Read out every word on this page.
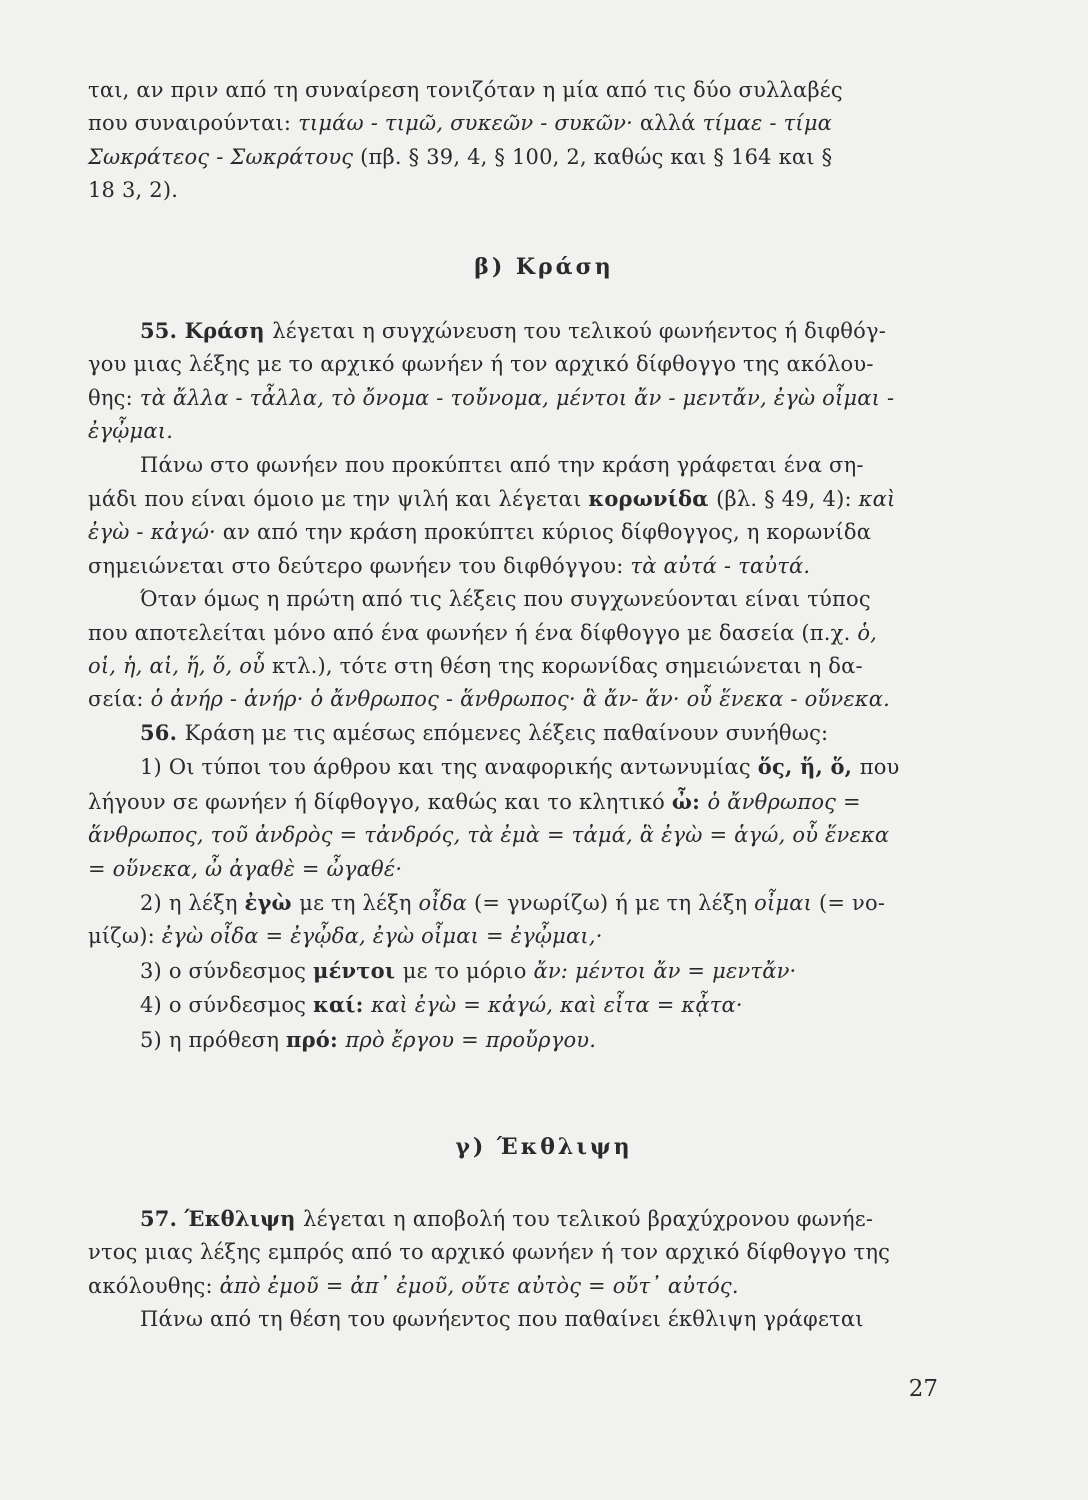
ται, αν πριν από τη συναίρεση τονιζόταν η μία από τις δύο συλλαβές
που συναιρούνται: τιμάω - τιμῶ, συκεῶν - συκῶν· αλλά τίμαε - τίμα
Σωκράτεος - Σωκράτους (πβ. § 39, 4, § 100, 2, καθώς και § 164 και §
18 3, 2).
β) Κράση
55. Κράση λέγεται η συγχώνευση του τελικού φωνήεντος ή διφθόγ-
γου μιας λέξης με το αρχικό φωνήεν ή τον αρχικό δίφθογγο της ακόλου-
θης: τὰ ἄλλα - τἆλλα, τὸ ὄνομα - τοὔνομα, μέντοι ἄν - μεντἄν, ἐγὼ οἶμαι -
ἐγᾦμαι.
Πάνω στο φωνήεν που προκύπτει από την κράση γράφεται ένα ση-
μάδι που είναι όμοιο με την ψιλή και λέγεται κορωνίδα (βλ. § 49, 4): καὶ
ἐγὼ - κἀγώ· αν από την κράση προκύπτει κύριος δίφθογγος, η κορωνίδα
σημειώνεται στο δεύτερο φωνήεν του διφθόγγου: τὰ αὐτά - ταὐτά.
Όταν όμως η πρώτη από τις λέξεις που συγχωνεύονται είναι τύπος
που αποτελείται μόνο από ένα φωνήεν ή ένα δίφθογγο με δασεία (π.χ. ὁ,
οἱ, ἡ, αἱ, ἥ, ὅ, οὗ κτλ.), τότε στη θέση της κορωνίδας σημειώνεται η δα-
σεία: ὁ ἀνήρ - ἁνήρ· ὁ ἄνθρωπος - ἅνθρωπος· ἃ ἄν- ἅν· οὗ ἕνεκα - οὕνεκα.
56. Κράση με τις αμέσως επόμενες λέξεις παθαίνουν συνήθως:
1) Οι τύποι του άρθρου και της αναφορικής αντωνυμίας ὅς, ἥ, ὅ, που
λήγουν σε φωνήεν ή δίφθογγο, καθώς και το κλητικό ὦ: ὁ ἄνθρωπος =
ἅνθρωπος, τοῦ ἀνδρὸς = τἀνδρός, τὰ ἐμὰ = τἀμά, ἃ ἐγὼ = ἁγώ, οὗ ἕνεκα
= οὕνεκα, ὦ ἀγαθὲ = ὦγαθέ·
2) η λέξη ἐγὼ με τη λέξη οἶδα (= γνωρίζω) ή με τη λέξη οἶμαι (= νο-
μίζω): ἐγὼ οἶδα = ἐγᾦδα, ἐγὼ οἶμαι = ἐγᾦμαι,·
3) ο σύνδεσμος μέντοι με το μόριο ἄν: μέντοι ἄν = μεντἄν·
4) ο σύνδεσμος καί: καὶ ἐγὼ = κἀγώ, καὶ εἶτα = κᾆτα·
5) η πρόθεση πρό: πρὸ ἔργου = προὔργου.
γ) Έκθλιψη
57. Έκθλιψη λέγεται η αποβολή του τελικού βραχύχρονου φωνήε-
ντος μιας λέξης εμπρός από το αρχικό φωνήεν ή τον αρχικό δίφθογγο της
ακόλουθης: ἀπὸ ἐμοῦ = ἀπ᾿ ἐμοῦ, οὔτε αὐτὸς = οὔτ᾿ αὐτός.
Πάνω από τη θέση του φωνήεντος που παθαίνει έκθλιψη γράφεται
27
